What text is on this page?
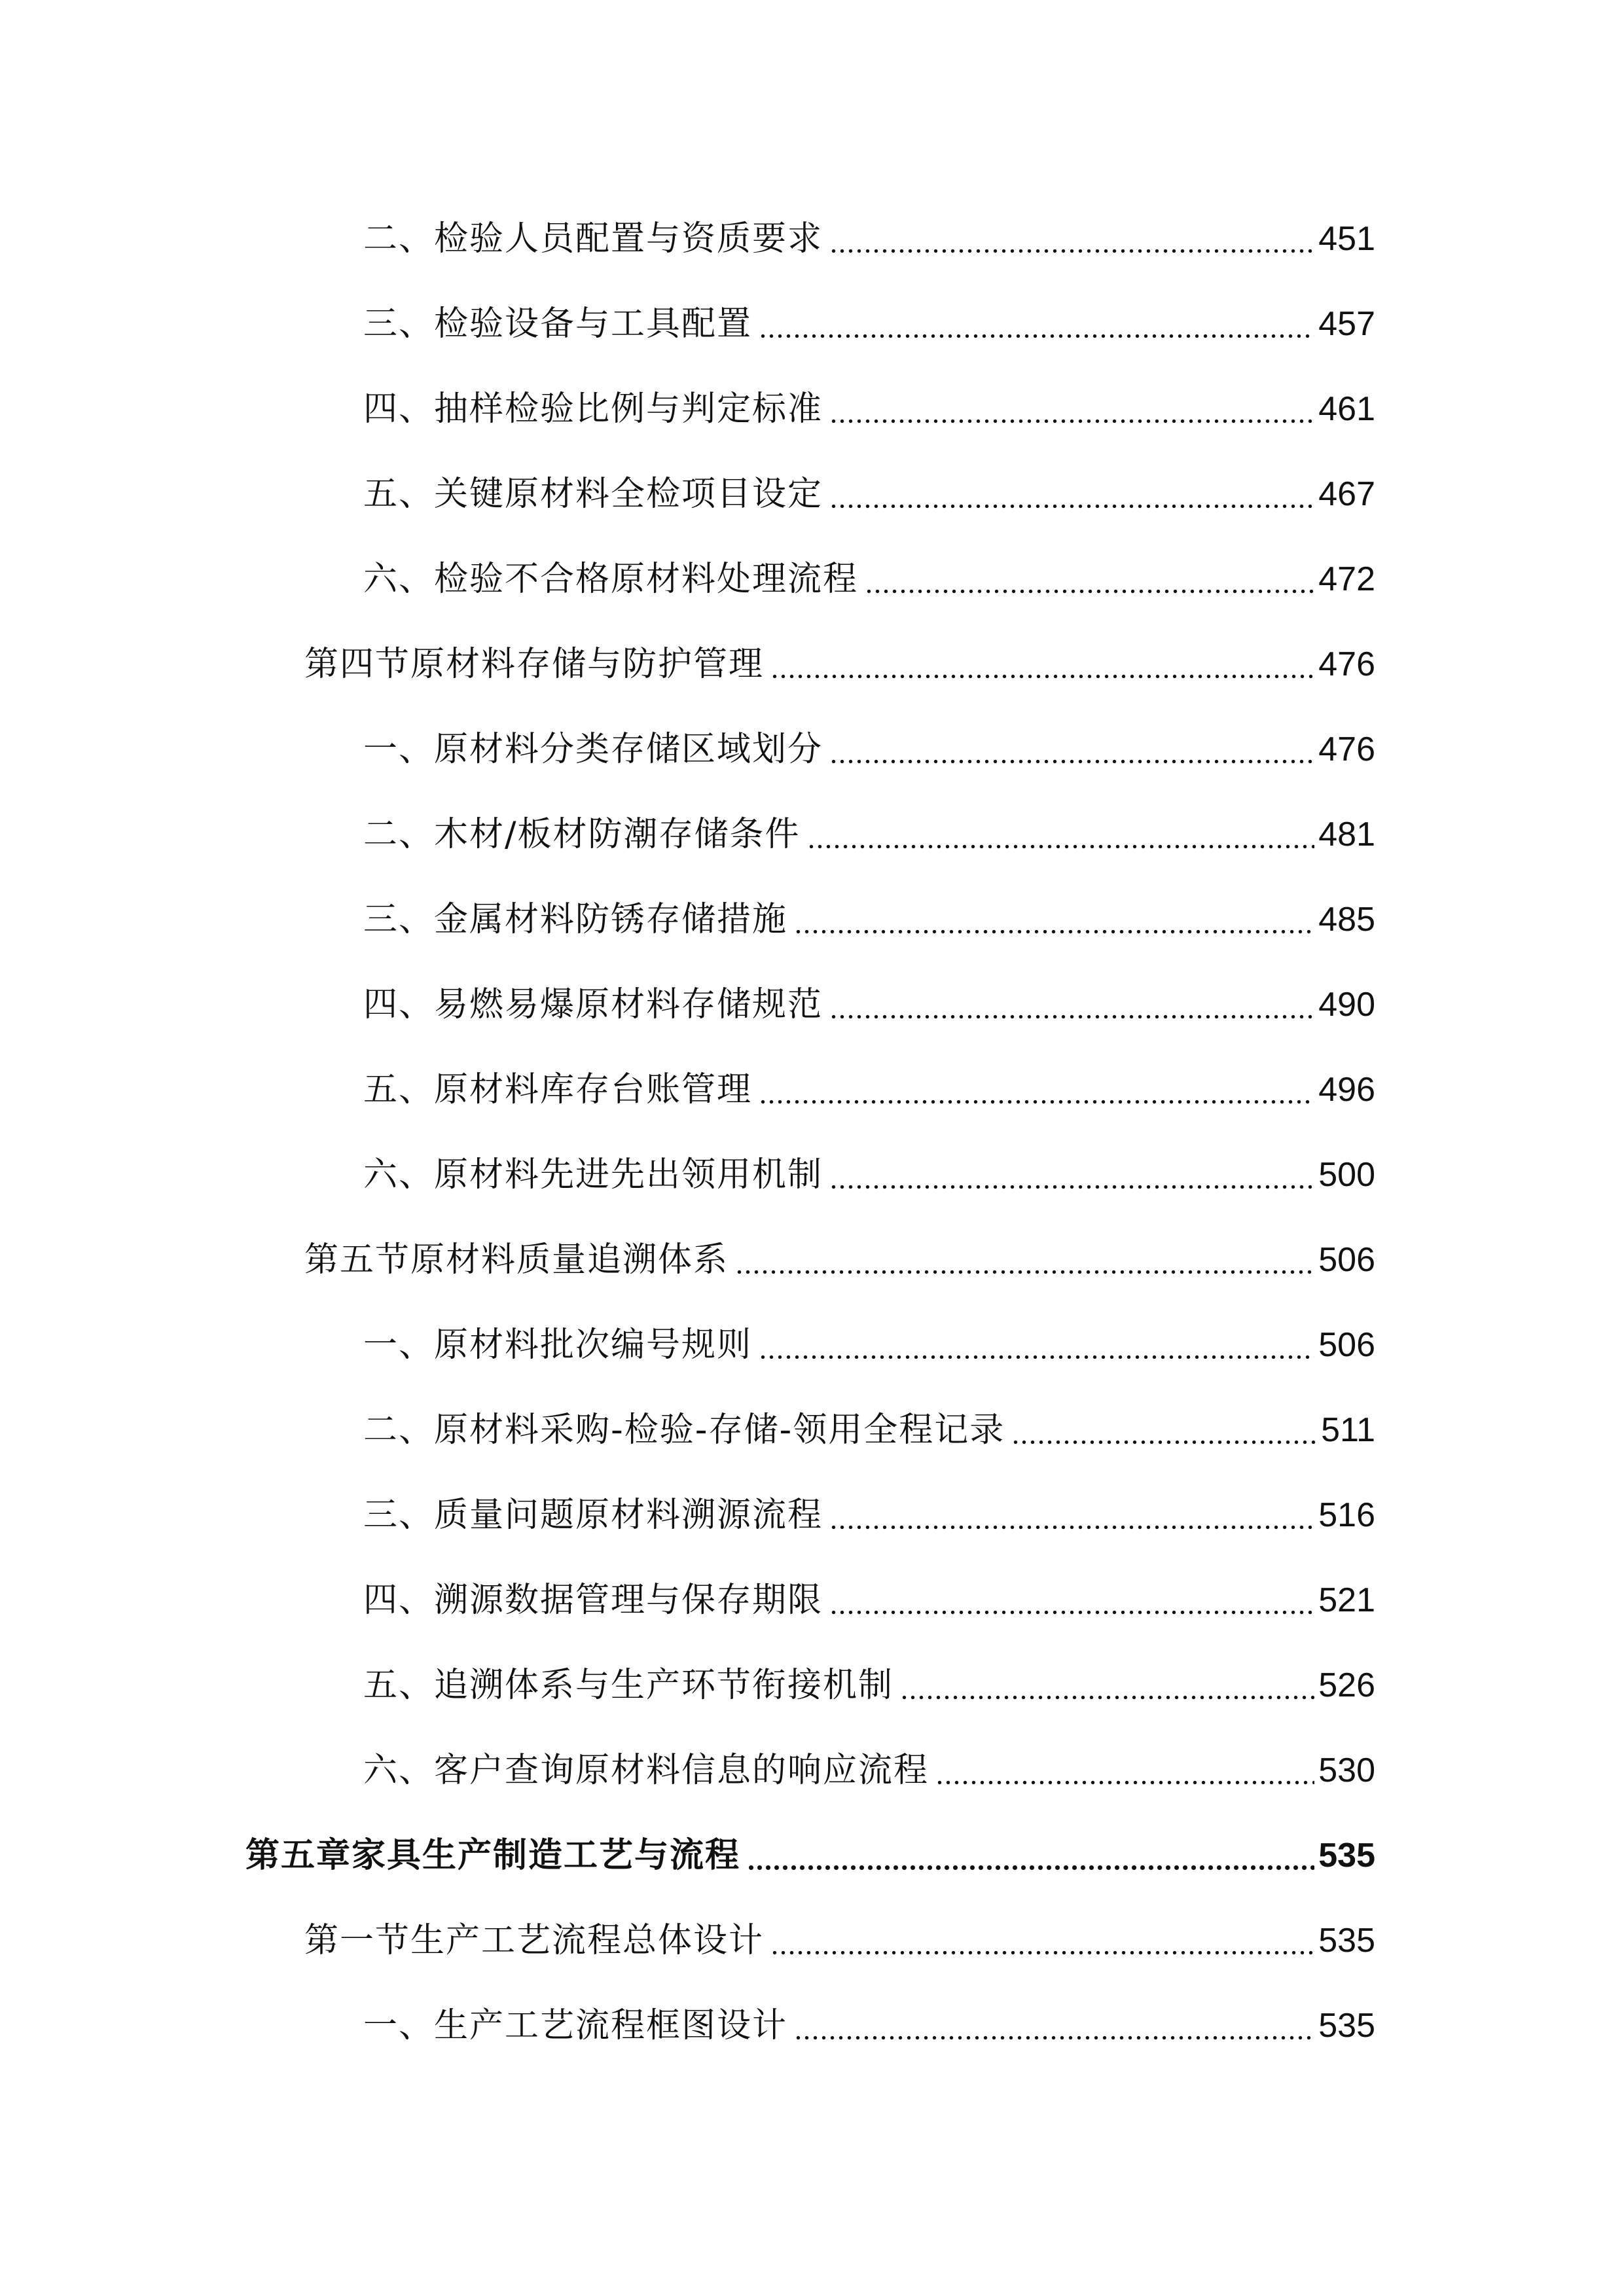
二、检验人员配置与资质要求	451
三、检验设备与工具配置	457
四、抽样检验比例与判定标准	461
五、关键原材料全检项目设定	467
六、检验不合格原材料处理流程	472
第四节原材料存储与防护管理	476
一、原材料分类存储区域划分	476
二、木材/板材防潮存储条件	481
三、金属材料防锈存储措施	485
四、易燃易爆原材料存储规范	490
五、原材料库存台账管理	496
六、原材料先进先出领用机制	500
第五节原材料质量追溯体系	506
一、原材料批次编号规则	506
二、原材料采购-检验-存储-领用全程记录	511
三、质量问题原材料溯源流程	516
四、溯源数据管理与保存期限	521
五、追溯体系与生产环节衔接机制	526
六、客户查询原材料信息的响应流程	530
第五章家具生产制造工艺与流程	535
第一节生产工艺流程总体设计	535
一、生产工艺流程框图设计	535
